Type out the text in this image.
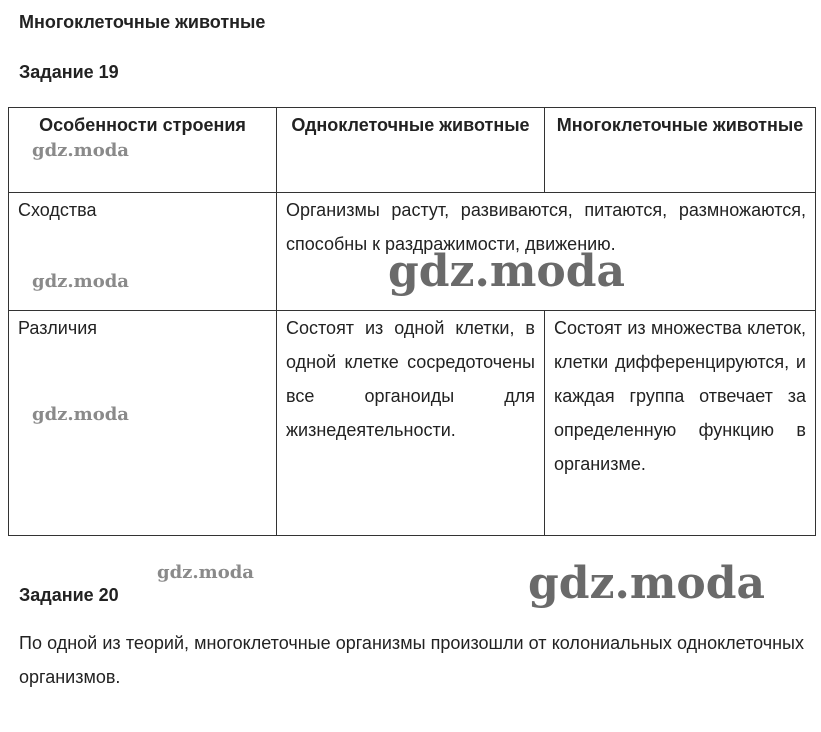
Многоклеточные животные
Задание 19
Особенности строения	Одноклеточные животные	Многоклеточные животные
Сходства	Организмы растут, развиваются, питаются, размножаются, способны к раздражимости, движению.	
Различия	Состоят из одной клетки, в одной клетке сосредоточены все органоиды для жизнедеятельности.	Состоят из множества клеток, клетки дифференцируются, и каждая группа отвечает за определенную функцию в организме.
Задание 20
По одной из теорий, многоклеточные организмы произошли от колониальных одноклеточных организмов.
gdz.moda
gdz.moda
gdz.moda
gdz.moda
gdz.moda
gdz.moda
